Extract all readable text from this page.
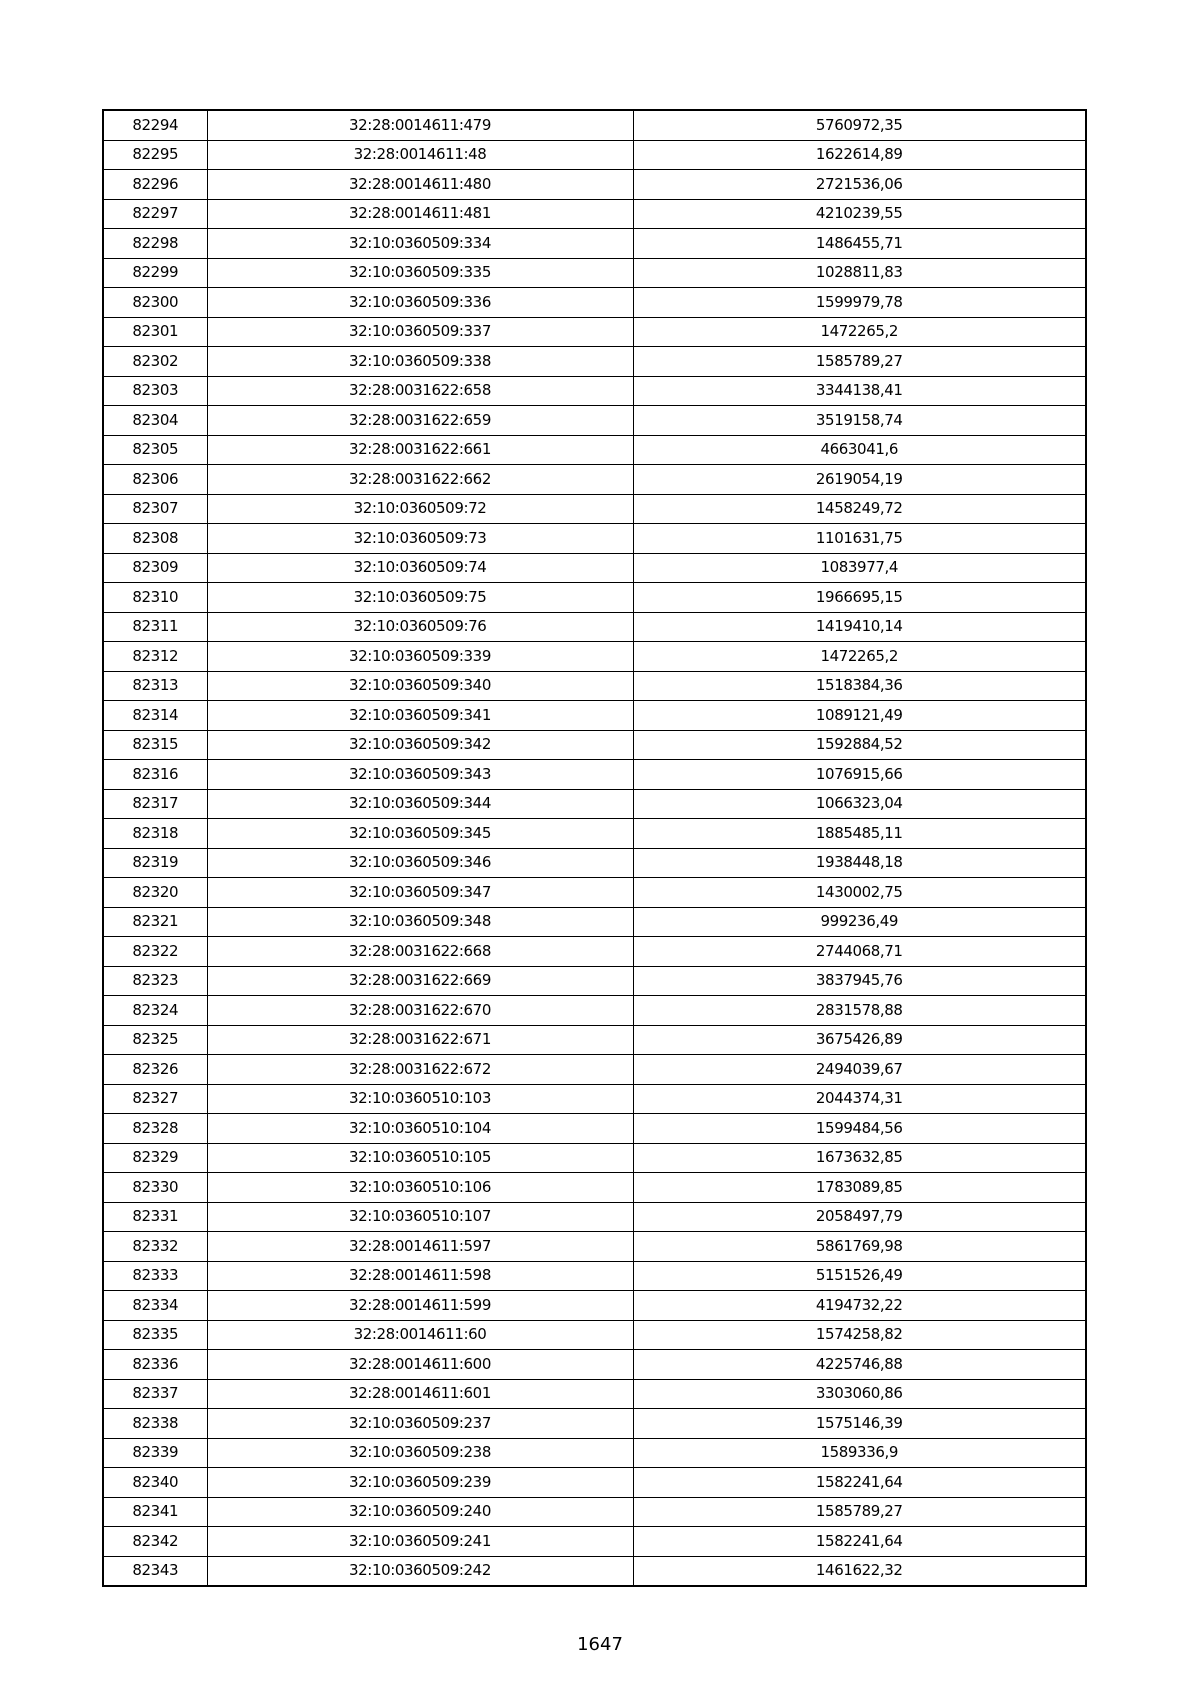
82294	32:28:0014611:479	5760972,35
82295	32:28:0014611:48	1622614,89
82296	32:28:0014611:480	2721536,06
82297	32:28:0014611:481	4210239,55
82298	32:10:0360509:334	1486455,71
82299	32:10:0360509:335	1028811,83
82300	32:10:0360509:336	1599979,78
82301	32:10:0360509:337	1472265,2
82302	32:10:0360509:338	1585789,27
82303	32:28:0031622:658	3344138,41
82304	32:28:0031622:659	3519158,74
82305	32:28:0031622:661	4663041,6
82306	32:28:0031622:662	2619054,19
82307	32:10:0360509:72	1458249,72
82308	32:10:0360509:73	1101631,75
82309	32:10:0360509:74	1083977,4
82310	32:10:0360509:75	1966695,15
82311	32:10:0360509:76	1419410,14
82312	32:10:0360509:339	1472265,2
82313	32:10:0360509:340	1518384,36
82314	32:10:0360509:341	1089121,49
82315	32:10:0360509:342	1592884,52
82316	32:10:0360509:343	1076915,66
82317	32:10:0360509:344	1066323,04
82318	32:10:0360509:345	1885485,11
82319	32:10:0360509:346	1938448,18
82320	32:10:0360509:347	1430002,75
82321	32:10:0360509:348	999236,49
82322	32:28:0031622:668	2744068,71
82323	32:28:0031622:669	3837945,76
82324	32:28:0031622:670	2831578,88
82325	32:28:0031622:671	3675426,89
82326	32:28:0031622:672	2494039,67
82327	32:10:0360510:103	2044374,31
82328	32:10:0360510:104	1599484,56
82329	32:10:0360510:105	1673632,85
82330	32:10:0360510:106	1783089,85
82331	32:10:0360510:107	2058497,79
82332	32:28:0014611:597	5861769,98
82333	32:28:0014611:598	5151526,49
82334	32:28:0014611:599	4194732,22
82335	32:28:0014611:60	1574258,82
82336	32:28:0014611:600	4225746,88
82337	32:28:0014611:601	3303060,86
82338	32:10:0360509:237	1575146,39
82339	32:10:0360509:238	1589336,9
82340	32:10:0360509:239	1582241,64
82341	32:10:0360509:240	1585789,27
82342	32:10:0360509:241	1582241,64
82343	32:10:0360509:242	1461622,32
1647
